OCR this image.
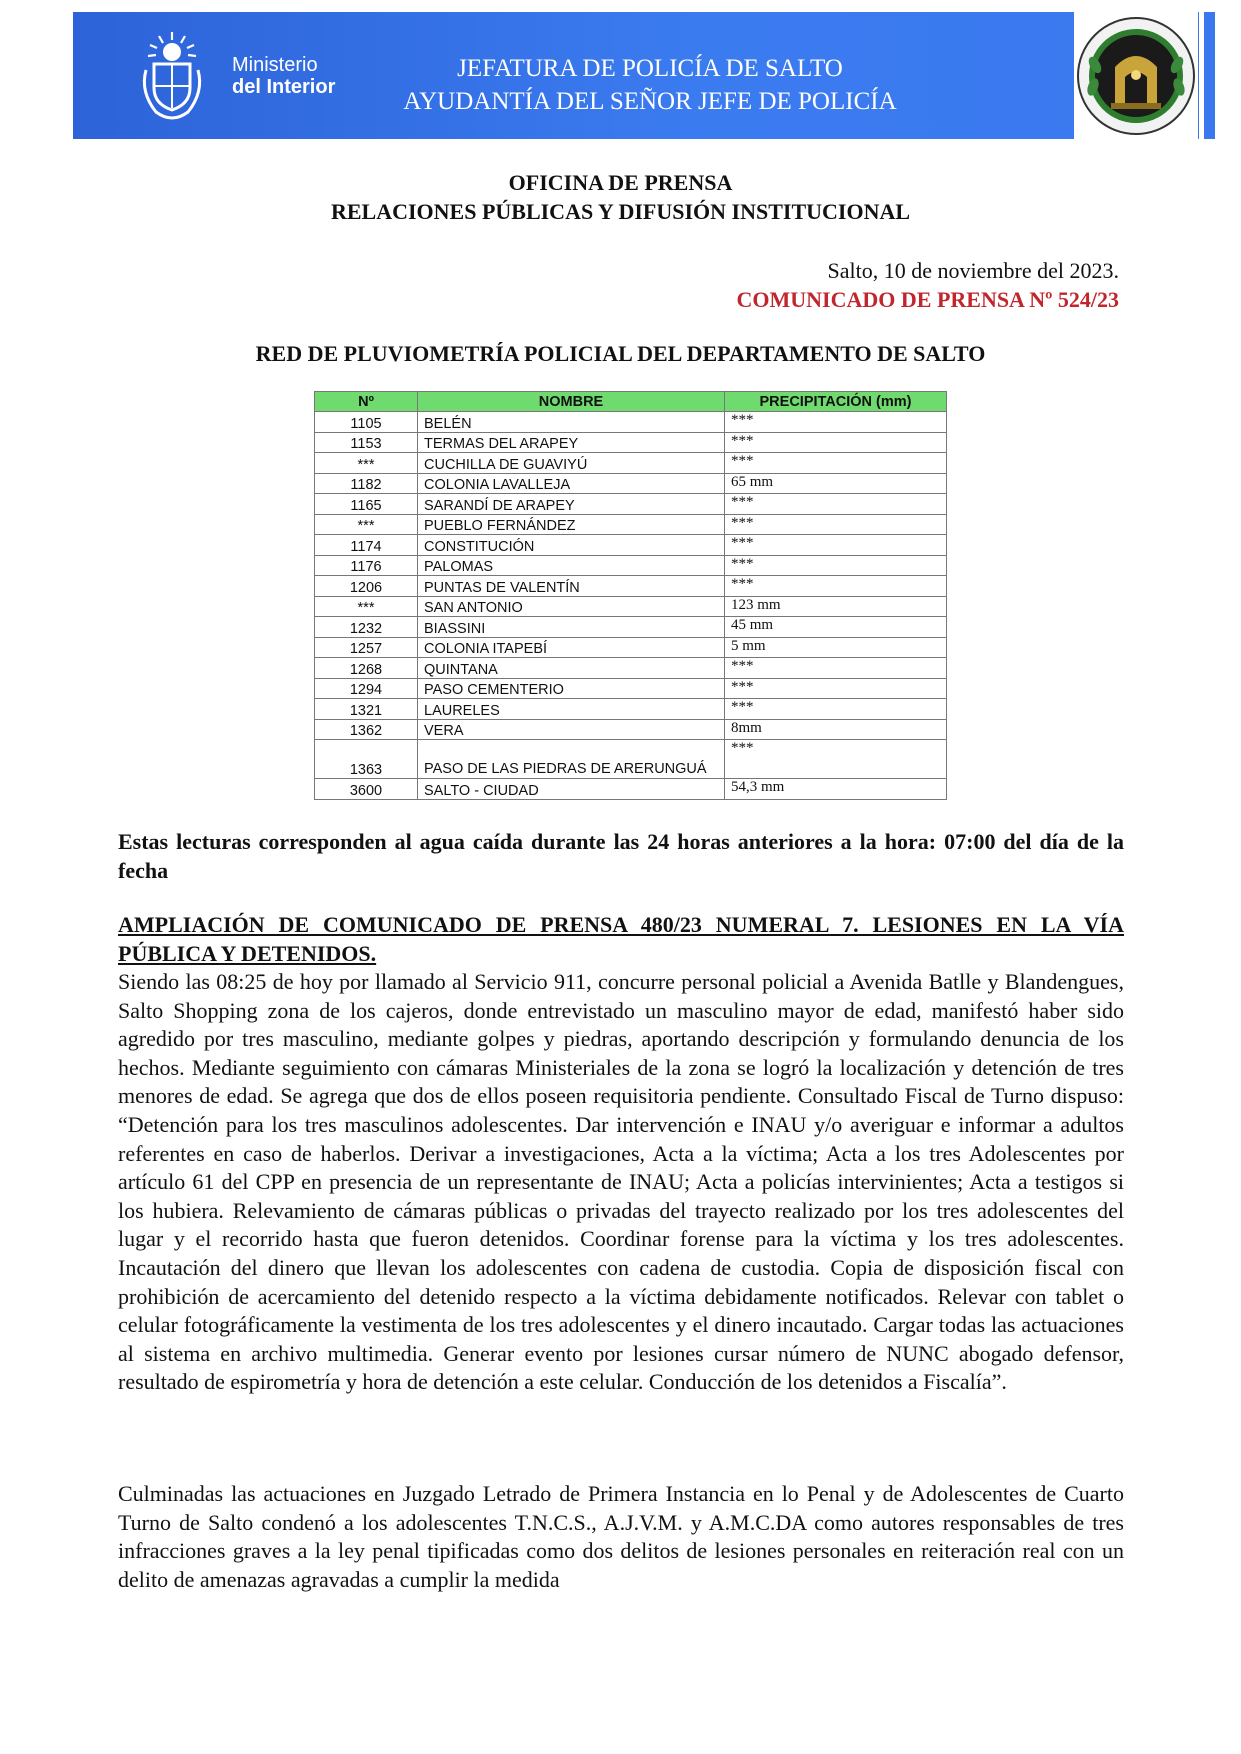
Ministerio
del Interior
JEFATURA DE POLICÍA DE SALTO
AYUDANTÍA DEL SEÑOR JEFE DE POLICÍA
OFICINA DE PRENSA
RELACIONES PÚBLICAS Y DIFUSIÓN INSTITUCIONAL
Salto, 10 de noviembre del 2023.
COMUNICADO DE PRENSA Nº 524/23
RED DE PLUVIOMETRÍA POLICIAL DEL DEPARTAMENTO DE SALTO
Nº	NOMBRE	PRECIPITACIÓN (mm)
1105	BELÉN	***
1153	TERMAS DEL ARAPEY	***
***	CUCHILLA DE GUAVIYÚ	***
1182	COLONIA LAVALLEJA	65 mm
1165	SARANDÍ DE ARAPEY	***
***	PUEBLO FERNÁNDEZ	***
1174	CONSTITUCIÓN	***
1176	PALOMAS	***
1206	PUNTAS DE VALENTÍN	***
***	SAN ANTONIO	123 mm
1232	BIASSINI	45 mm
1257	COLONIA ITAPEBÍ	5 mm
1268	QUINTANA	***
1294	PASO CEMENTERIO	***
1321	LAURELES	***
1362	VERA	8mm
1363	PASO DE LAS PIEDRAS DE ARERUNGUÁ	***
3600	SALTO - CIUDAD	54,3 mm
Estas lecturas corresponden al agua caída durante las 24 horas anteriores a la hora: 07:00 del día de la fecha
AMPLIACIÓN DE COMUNICADO DE PRENSA 480/23 NUMERAL 7. LESIONES EN LA VÍA PÚBLICA Y DETENIDOS.
Siendo las 08:25 de hoy por llamado al Servicio 911, concurre personal policial a Avenida Batlle y Blandengues, Salto Shopping zona de los cajeros, donde entrevistado un masculino mayor de edad, manifestó haber sido agredido por tres masculino, mediante golpes y piedras, aportando descripción y formulando denuncia de los hechos. Mediante seguimiento con cámaras Ministeriales de la zona se logró la localización y detención de tres menores de edad. Se agrega que dos de ellos poseen requisitoria pendiente. Consultado Fiscal de Turno dispuso: “Detención para los tres masculinos adolescentes. Dar intervención e INAU y/o averiguar e informar a adultos referentes en caso de haberlos. Derivar a investigaciones, Acta a la víctima; Acta a los tres Adolescentes por artículo 61 del CPP en presencia de un representante de INAU; Acta a policías intervinientes; Acta a testigos si los hubiera. Relevamiento de cámaras públicas o privadas del trayecto realizado por los tres adolescentes del lugar y el recorrido hasta que fueron detenidos. Coordinar forense para la víctima y los tres adolescentes. Incautación del dinero que llevan los adolescentes con cadena de custodia. Copia de disposición fiscal con prohibición de acercamiento del detenido respecto a la víctima debidamente notificados. Relevar con tablet o celular fotográficamente la vestimenta de los tres adolescentes y el dinero incautado. Cargar todas las actuaciones al sistema en archivo multimedia. Generar evento por lesiones cursar número de NUNC abogado defensor, resultado de espirometría y hora de detención a este celular. Conducción de los detenidos a Fiscalía”.
Culminadas las actuaciones en Juzgado Letrado de Primera Instancia en lo Penal y de Adolescentes de Cuarto Turno de Salto condenó a los adolescentes T.N.C.S., A.J.V.M. y A.M.C.DA como autores responsables de tres infracciones graves a la ley penal tipificadas como dos delitos de lesiones personales en reiteración real con un delito de amenazas agravadas a cumplir la medida
